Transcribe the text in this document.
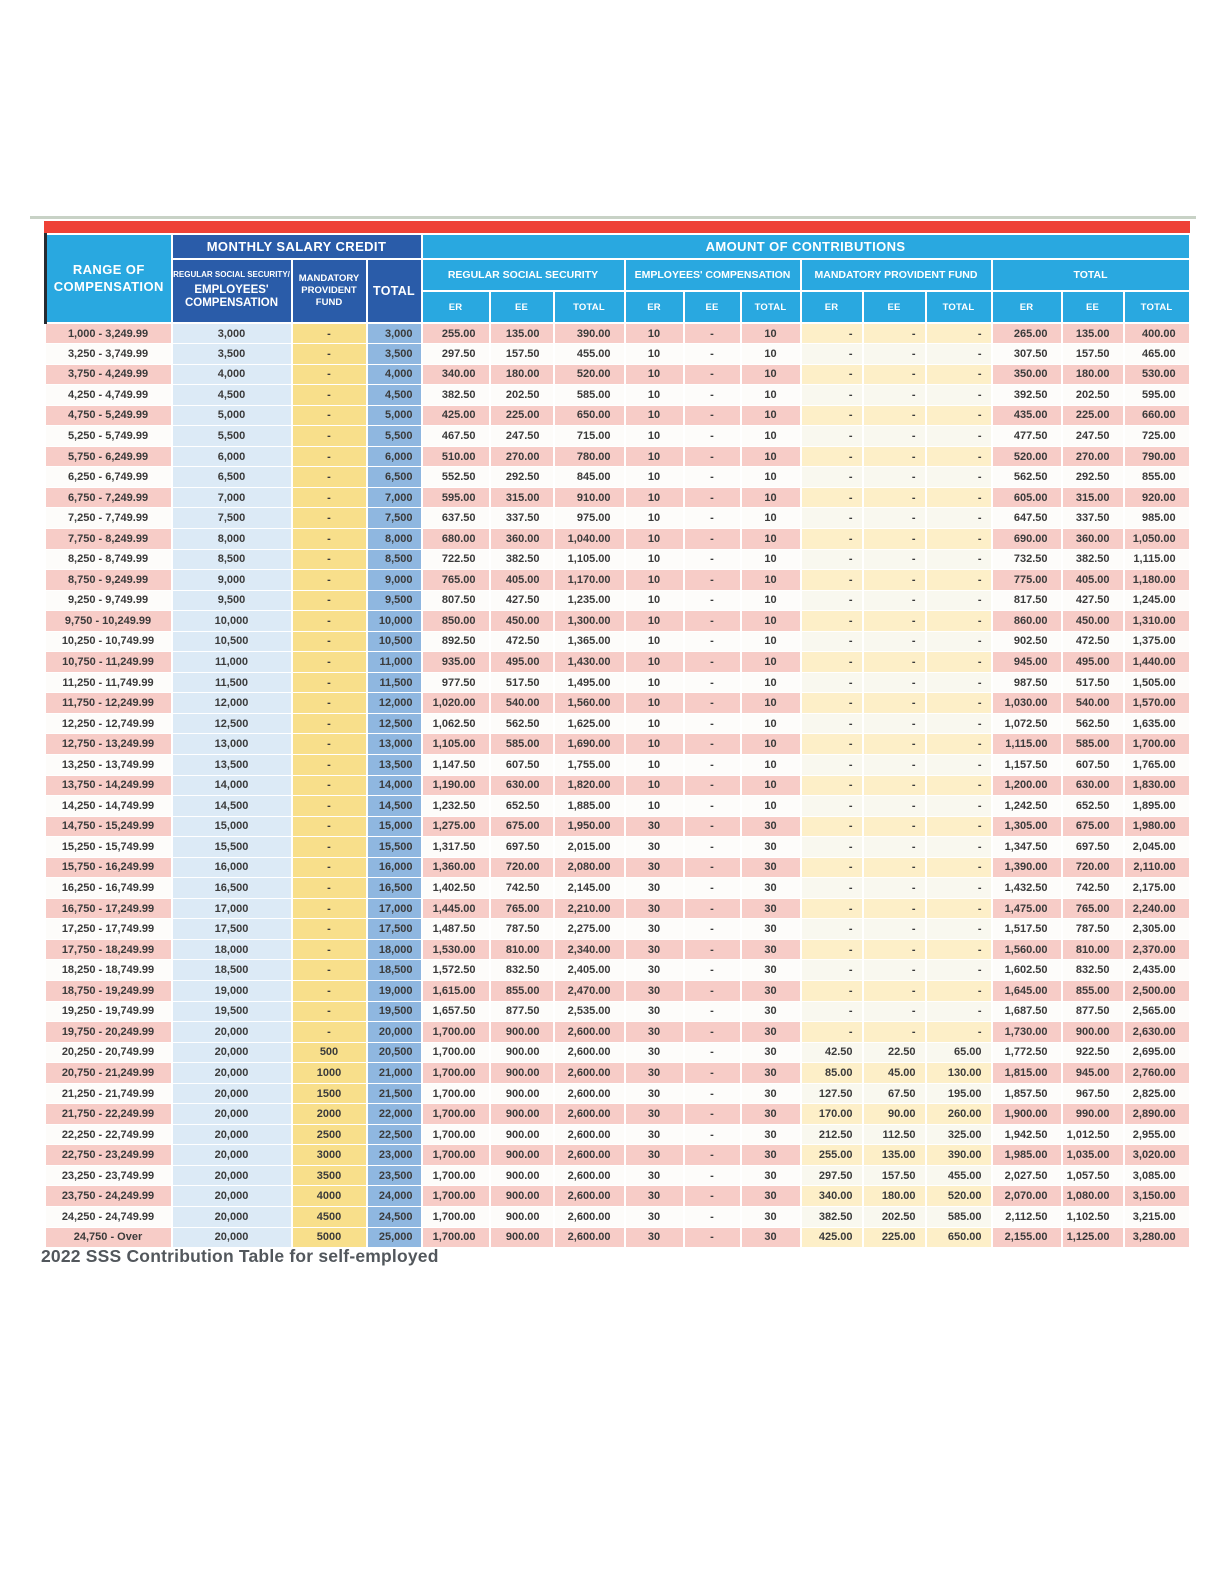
RANGE OF COMPENSATION	MONTHLY SALARY CREDIT			AMOUNT OF CONTRIBUTIONS											

	REGULAR SOCIAL SECURITY/
EMPLOYEES' COMPENSATION	MANDATORY PROVIDENT FUND	TOTAL	REGULAR SOCIAL SECURITY			EMPLOYEES' COMPENSATION			MANDATORY PROVIDENT FUND			TOTAL		
				ER	EE	TOTAL	ER	EE	TOTAL	ER	EE	TOTAL	ER	EE	TOTAL
1,000 - 3,249.99	3,000	-	3,000	255.00	135.00	390.00	10	-	10	-	-	-	265.00	135.00	400.00
3,250 - 3,749.99	3,500	-	3,500	297.50	157.50	455.00	10	-	10	-	-	-	307.50	157.50	465.00
3,750 - 4,249.99	4,000	-	4,000	340.00	180.00	520.00	10	-	10	-	-	-	350.00	180.00	530.00
4,250 - 4,749.99	4,500	-	4,500	382.50	202.50	585.00	10	-	10	-	-	-	392.50	202.50	595.00
4,750 - 5,249.99	5,000	-	5,000	425.00	225.00	650.00	10	-	10	-	-	-	435.00	225.00	660.00
5,250 - 5,749.99	5,500	-	5,500	467.50	247.50	715.00	10	-	10	-	-	-	477.50	247.50	725.00
5,750 - 6,249.99	6,000	-	6,000	510.00	270.00	780.00	10	-	10	-	-	-	520.00	270.00	790.00
6,250 - 6,749.99	6,500	-	6,500	552.50	292.50	845.00	10	-	10	-	-	-	562.50	292.50	855.00
6,750 - 7,249.99	7,000	-	7,000	595.00	315.00	910.00	10	-	10	-	-	-	605.00	315.00	920.00
7,250 - 7,749.99	7,500	-	7,500	637.50	337.50	975.00	10	-	10	-	-	-	647.50	337.50	985.00
7,750 - 8,249.99	8,000	-	8,000	680.00	360.00	1,040.00	10	-	10	-	-	-	690.00	360.00	1,050.00
8,250 - 8,749.99	8,500	-	8,500	722.50	382.50	1,105.00	10	-	10	-	-	-	732.50	382.50	1,115.00
8,750 - 9,249.99	9,000	-	9,000	765.00	405.00	1,170.00	10	-	10	-	-	-	775.00	405.00	1,180.00
9,250 - 9,749.99	9,500	-	9,500	807.50	427.50	1,235.00	10	-	10	-	-	-	817.50	427.50	1,245.00
9,750 - 10,249.99	10,000	-	10,000	850.00	450.00	1,300.00	10	-	10	-	-	-	860.00	450.00	1,310.00
10,250 - 10,749.99	10,500	-	10,500	892.50	472.50	1,365.00	10	-	10	-	-	-	902.50	472.50	1,375.00
10,750 - 11,249.99	11,000	-	11,000	935.00	495.00	1,430.00	10	-	10	-	-	-	945.00	495.00	1,440.00
11,250 - 11,749.99	11,500	-	11,500	977.50	517.50	1,495.00	10	-	10	-	-	-	987.50	517.50	1,505.00
11,750 - 12,249.99	12,000	-	12,000	1,020.00	540.00	1,560.00	10	-	10	-	-	-	1,030.00	540.00	1,570.00
12,250 - 12,749.99	12,500	-	12,500	1,062.50	562.50	1,625.00	10	-	10	-	-	-	1,072.50	562.50	1,635.00
12,750 - 13,249.99	13,000	-	13,000	1,105.00	585.00	1,690.00	10	-	10	-	-	-	1,115.00	585.00	1,700.00
13,250 - 13,749.99	13,500	-	13,500	1,147.50	607.50	1,755.00	10	-	10	-	-	-	1,157.50	607.50	1,765.00
13,750 - 14,249.99	14,000	-	14,000	1,190.00	630.00	1,820.00	10	-	10	-	-	-	1,200.00	630.00	1,830.00
14,250 - 14,749.99	14,500	-	14,500	1,232.50	652.50	1,885.00	10	-	10	-	-	-	1,242.50	652.50	1,895.00
14,750 - 15,249.99	15,000	-	15,000	1,275.00	675.00	1,950.00	30	-	30	-	-	-	1,305.00	675.00	1,980.00
15,250 - 15,749.99	15,500	-	15,500	1,317.50	697.50	2,015.00	30	-	30	-	-	-	1,347.50	697.50	2,045.00
15,750 - 16,249.99	16,000	-	16,000	1,360.00	720.00	2,080.00	30	-	30	-	-	-	1,390.00	720.00	2,110.00
16,250 - 16,749.99	16,500	-	16,500	1,402.50	742.50	2,145.00	30	-	30	-	-	-	1,432.50	742.50	2,175.00
16,750 - 17,249.99	17,000	-	17,000	1,445.00	765.00	2,210.00	30	-	30	-	-	-	1,475.00	765.00	2,240.00
17,250 - 17,749.99	17,500	-	17,500	1,487.50	787.50	2,275.00	30	-	30	-	-	-	1,517.50	787.50	2,305.00
17,750 - 18,249.99	18,000	-	18,000	1,530.00	810.00	2,340.00	30	-	30	-	-	-	1,560.00	810.00	2,370.00
18,250 - 18,749.99	18,500	-	18,500	1,572.50	832.50	2,405.00	30	-	30	-	-	-	1,602.50	832.50	2,435.00
18,750 - 19,249.99	19,000	-	19,000	1,615.00	855.00	2,470.00	30	-	30	-	-	-	1,645.00	855.00	2,500.00
19,250 - 19,749.99	19,500	-	19,500	1,657.50	877.50	2,535.00	30	-	30	-	-	-	1,687.50	877.50	2,565.00
19,750 - 20,249.99	20,000	-	20,000	1,700.00	900.00	2,600.00	30	-	30	-	-	-	1,730.00	900.00	2,630.00
20,250 - 20,749.99	20,000	500	20,500	1,700.00	900.00	2,600.00	30	-	30	42.50	22.50	65.00	1,772.50	922.50	2,695.00
20,750 - 21,249.99	20,000	1000	21,000	1,700.00	900.00	2,600.00	30	-	30	85.00	45.00	130.00	1,815.00	945.00	2,760.00
21,250 - 21,749.99	20,000	1500	21,500	1,700.00	900.00	2,600.00	30	-	30	127.50	67.50	195.00	1,857.50	967.50	2,825.00
21,750 - 22,249.99	20,000	2000	22,000	1,700.00	900.00	2,600.00	30	-	30	170.00	90.00	260.00	1,900.00	990.00	2,890.00
22,250 - 22,749.99	20,000	2500	22,500	1,700.00	900.00	2,600.00	30	-	30	212.50	112.50	325.00	1,942.50	1,012.50	2,955.00
22,750 - 23,249.99	20,000	3000	23,000	1,700.00	900.00	2,600.00	30	-	30	255.00	135.00	390.00	1,985.00	1,035.00	3,020.00
23,250 - 23,749.99	20,000	3500	23,500	1,700.00	900.00	2,600.00	30	-	30	297.50	157.50	455.00	2,027.50	1,057.50	3,085.00
23,750 - 24,249.99	20,000	4000	24,000	1,700.00	900.00	2,600.00	30	-	30	340.00	180.00	520.00	2,070.00	1,080.00	3,150.00
24,250 - 24,749.99	20,000	4500	24,500	1,700.00	900.00	2,600.00	30	-	30	382.50	202.50	585.00	2,112.50	1,102.50	3,215.00
24,750 - Over	20,000	5000	25,000	1,700.00	900.00	2,600.00	30	-	30	425.00	225.00	650.00	2,155.00	1,125.00	3,280.00
2022 SSS Contribution Table for self-employed
